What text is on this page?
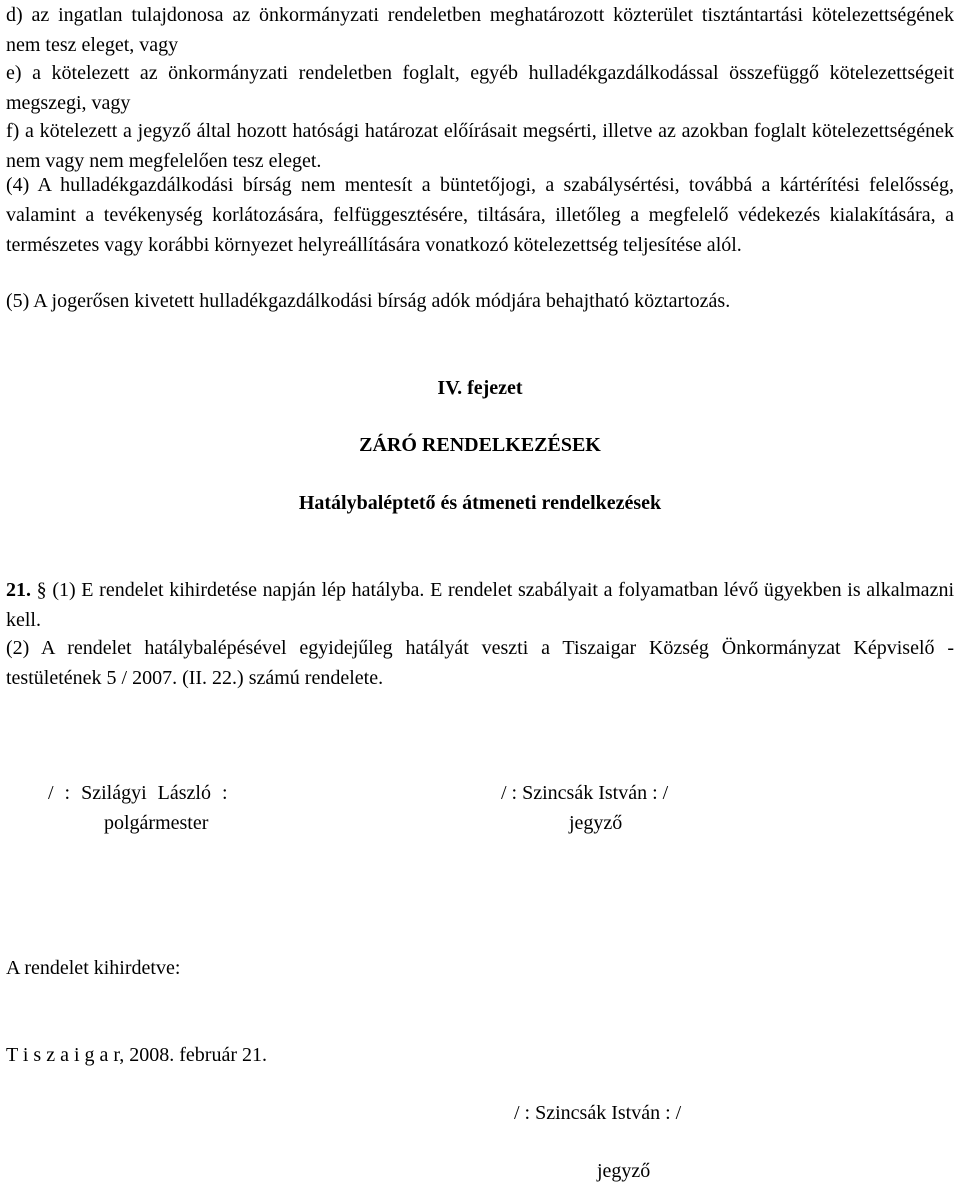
d) az ingatlan tulajdonosa az önkormányzati rendeletben meghatározott közterület tisztántartási kötelezettségének nem tesz eleget, vagy

e) a kötelezett az önkormányzati rendeletben foglalt, egyéb hulladékgazdálkodással összefüggő kötelezettségeit megszegi, vagy

f) a kötelezett a jegyző által hozott hatósági határozat előírásait megsérti, illetve az azokban foglalt kötelezettségének nem vagy nem megfelelően tesz eleget.

(4) A hulladékgazdálkodási bírság nem mentesít a büntetőjogi, a szabálysértési, továbbá a kártérítési felelősség, valamint a tevékenység korlátozására, felfüggesztésére, tiltására, illetőleg a megfelelő védekezés kialakítására, a természetes vagy korábbi környezet helyreállítására vonatkozó kötelezettség teljesítése alól.

(5) A jogerősen kivetett hulladékgazdálkodási bírság adók módjára behajtható köztartozás.

IV. fejezet

ZÁRÓ RENDELKEZÉSEK

Hatálybaléptető és átmeneti rendelkezések

21. § (1) E rendelet kihirdetése napján lép hatályba. E rendelet szabályait a folyamatban lévő ügyekben is alkalmazni kell.

(2) A rendelet hatálybalépésével egyidejűleg hatályát veszti a Tiszaigar Község Önkormányzat Képviselő - testületének 5 / 2007. (II. 22.) számú rendelete.

/ : Szilágyi László :

polgármester

/ : Szincsák István : /

jegyző

A rendelet kihirdetve:

T i s z a i g a r, 2008. február 21.

/ : Szincsák István : /

jegyző
